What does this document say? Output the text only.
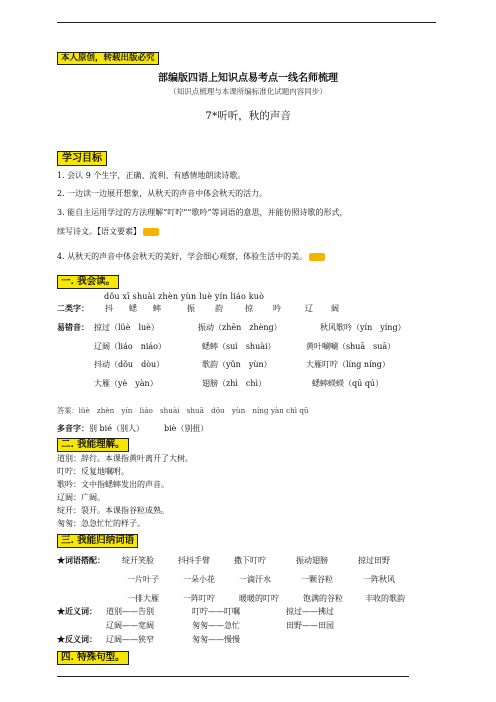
本人原创，转载出版必究
部编版四语上知识点易考点一线名师梳理
（知识点梳理与本课所编标准化试题内容同步）
7*听听，秋的声音
学习目标
1. 会认 9 个生字，正确、流利、有感情地朗读诗歌。
2. 一边读一边展开想象，从秋天的声音中体会秋天的活力。
3. 能自主运用学过的方法理解“叮咛”“歌吟”等词语的意思，并能仿照诗歌的形式，
续写诗文。【语文要素】
4. 从秋天的声音中体会秋天的美好，学会细心观察，体验生活中的美。
一. 我会读。
dǒu xī shuài zhèn yùn luè yín liáo kuò
二类字： 抖 蟋 蟀	振	韵	掠	吟	辽 阔
易错音： 掠过（lüè　luè）	振动（zhēn　zhèng）	秋风歌吟（yín　yíng）
辽阔（liáo　niáo）	蟋蟀（suì　shuài）	黄叶唰唰（shuā　suā）
抖动（dǒu　dòu）	歌韵（yǔn　yùn）	大雁叮咛（líng níng）
大雁（yè　yàn）	翅膀（zhì　chì）	蟋蟀𧓌𧓌（qū qú）
答案：lüè　zhèn　yín　liáo　shuài　shuā　dǒu　yùn　níng yàn chì qū
多音字：别 bié（别人）　　　biè（别扭）
二. 我能理解。
道别：辞行。本课指黄叶离开了大树。
叮咛：反复地嘱咐。
歌吟：文中指蟋蟀发出的声音。
辽阔：广阔。
绽开：裂开。本课指谷粒成熟。
匆匆：急急忙忙的样子。
三. 我能归纳词语
★词语搭配： 绽开笑脸	抖抖手臂	撒下叮咛	振动翅膀	掠过田野
一片叶子	一朵小花	一滴汗水	一颗谷粒	一阵秋风
一排大雁	一阵叮咛	暖暖的叮咛	饱满的谷粒	丰收的歌韵
★近义词： 道别——告别	叮咛——叮嘱	掠过——拂过
辽阔——宽阔	匆匆——急忙	田野——田园
★反义词： 辽阔——狭窄	匆匆——慢慢
四. 特殊句型。
